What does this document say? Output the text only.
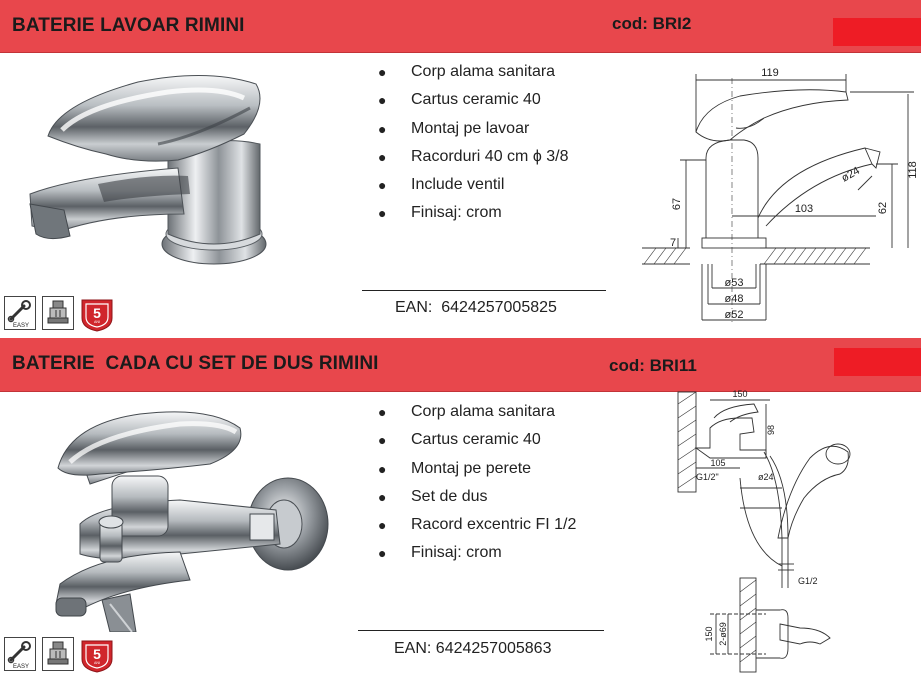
BATERIE LAVOAR RIMINI	cod: BRI2
EASY
5
ANI
● Corp alama sanitara
● Cartus ceramic 40
● Montaj pe lavoar
● Racorduri 40 cm ϕ 3/8
● Include ventil
● Finisaj: crom
EAN:  6424257005825
119
118
67	62
103
ø24
7
ø53
ø48
ø52
BATERIE  CADA CU SET DE DUS RIMINI	cod: BRI11
EASY
5
ANI
● Corp alama sanitara
● Cartus ceramic 40
● Montaj pe perete
● Set de dus
● Racord excentric FI 1/2
● Finisaj: crom
EAN: 6424257005863
150
98
105
G1/2"	ø24
G1/2
150 2-ø69
